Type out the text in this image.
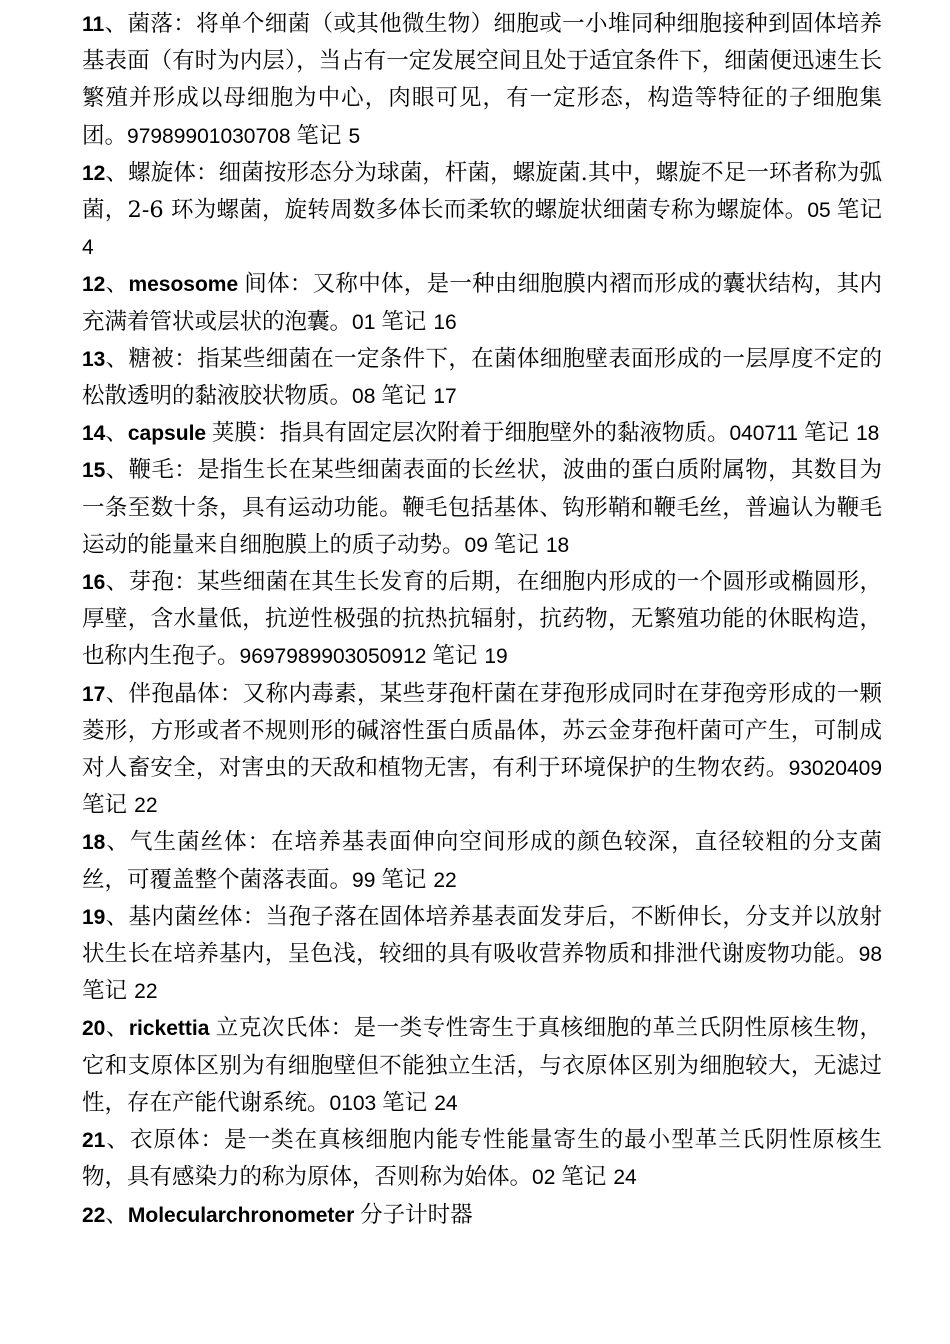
11、菌落：将单个细菌（或其他微生物）细胞或一小堆同种细胞接种到固体培养基表面（有时为内层），当占有一定发展空间且处于适宜条件下，细菌便迅速生长繁殖并形成以母细胞为中心，肉眼可见，有一定形态，构造等特征的子细胞集团。97989901030708 笔记 5

12、螺旋体：细菌按形态分为球菌，杆菌，螺旋菌.其中，螺旋不足一环者称为弧菌，2-6 环为螺菌，旋转周数多体长而柔软的螺旋状细菌专称为螺旋体。05 笔记 4

12、mesosome 间体：又称中体，是一种由细胞膜内褶而形成的囊状结构，其内充满着管状或层状的泡囊。01 笔记 16

13、糖被：指某些细菌在一定条件下，在菌体细胞壁表面形成的一层厚度不定的松散透明的黏液胶状物质。08 笔记 17

14、capsule 荚膜：指具有固定层次附着于细胞壁外的黏液物质。040711 笔记 18

15、鞭毛：是指生长在某些细菌表面的长丝状，波曲的蛋白质附属物，其数目为一条至数十条，具有运动功能。鞭毛包括基体、钩形鞘和鞭毛丝，普遍认为鞭毛运动的能量来自细胞膜上的质子动势。09 笔记 18

16、芽孢：某些细菌在其生长发育的后期，在细胞内形成的一个圆形或椭圆形，厚壁，含水量低，抗逆性极强的抗热抗辐射，抗药物，无繁殖功能的休眠构造，也称内生孢子。9697989903050912 笔记 19

17、伴孢晶体：又称内毒素，某些芽孢杆菌在芽孢形成同时在芽孢旁形成的一颗菱形，方形或者不规则形的碱溶性蛋白质晶体，苏云金芽孢杆菌可产生，可制成对人畜安全，对害虫的天敌和植物无害，有利于环境保护的生物农药。93020409 笔记 22

18、气生菌丝体：在培养基表面伸向空间形成的颜色较深，直径较粗的分支菌丝，可覆盖整个菌落表面。99 笔记 22

19、基内菌丝体：当孢子落在固体培养基表面发芽后，不断伸长，分支并以放射状生长在培养基内，呈色浅，较细的具有吸收营养物质和排泄代谢废物功能。98 笔记 22

20、rickettia 立克次氏体：是一类专性寄生于真核细胞的革兰氏阴性原核生物，它和支原体区别为有细胞壁但不能独立生活，与衣原体区别为细胞较大，无滤过性，存在产能代谢系统。0103 笔记 24

21、衣原体：是一类在真核细胞内能专性能量寄生的最小型革兰氏阴性原核生物，具有感染力的称为原体，否则称为始体。02 笔记 24

22、Molecularchronometer 分子计时器
